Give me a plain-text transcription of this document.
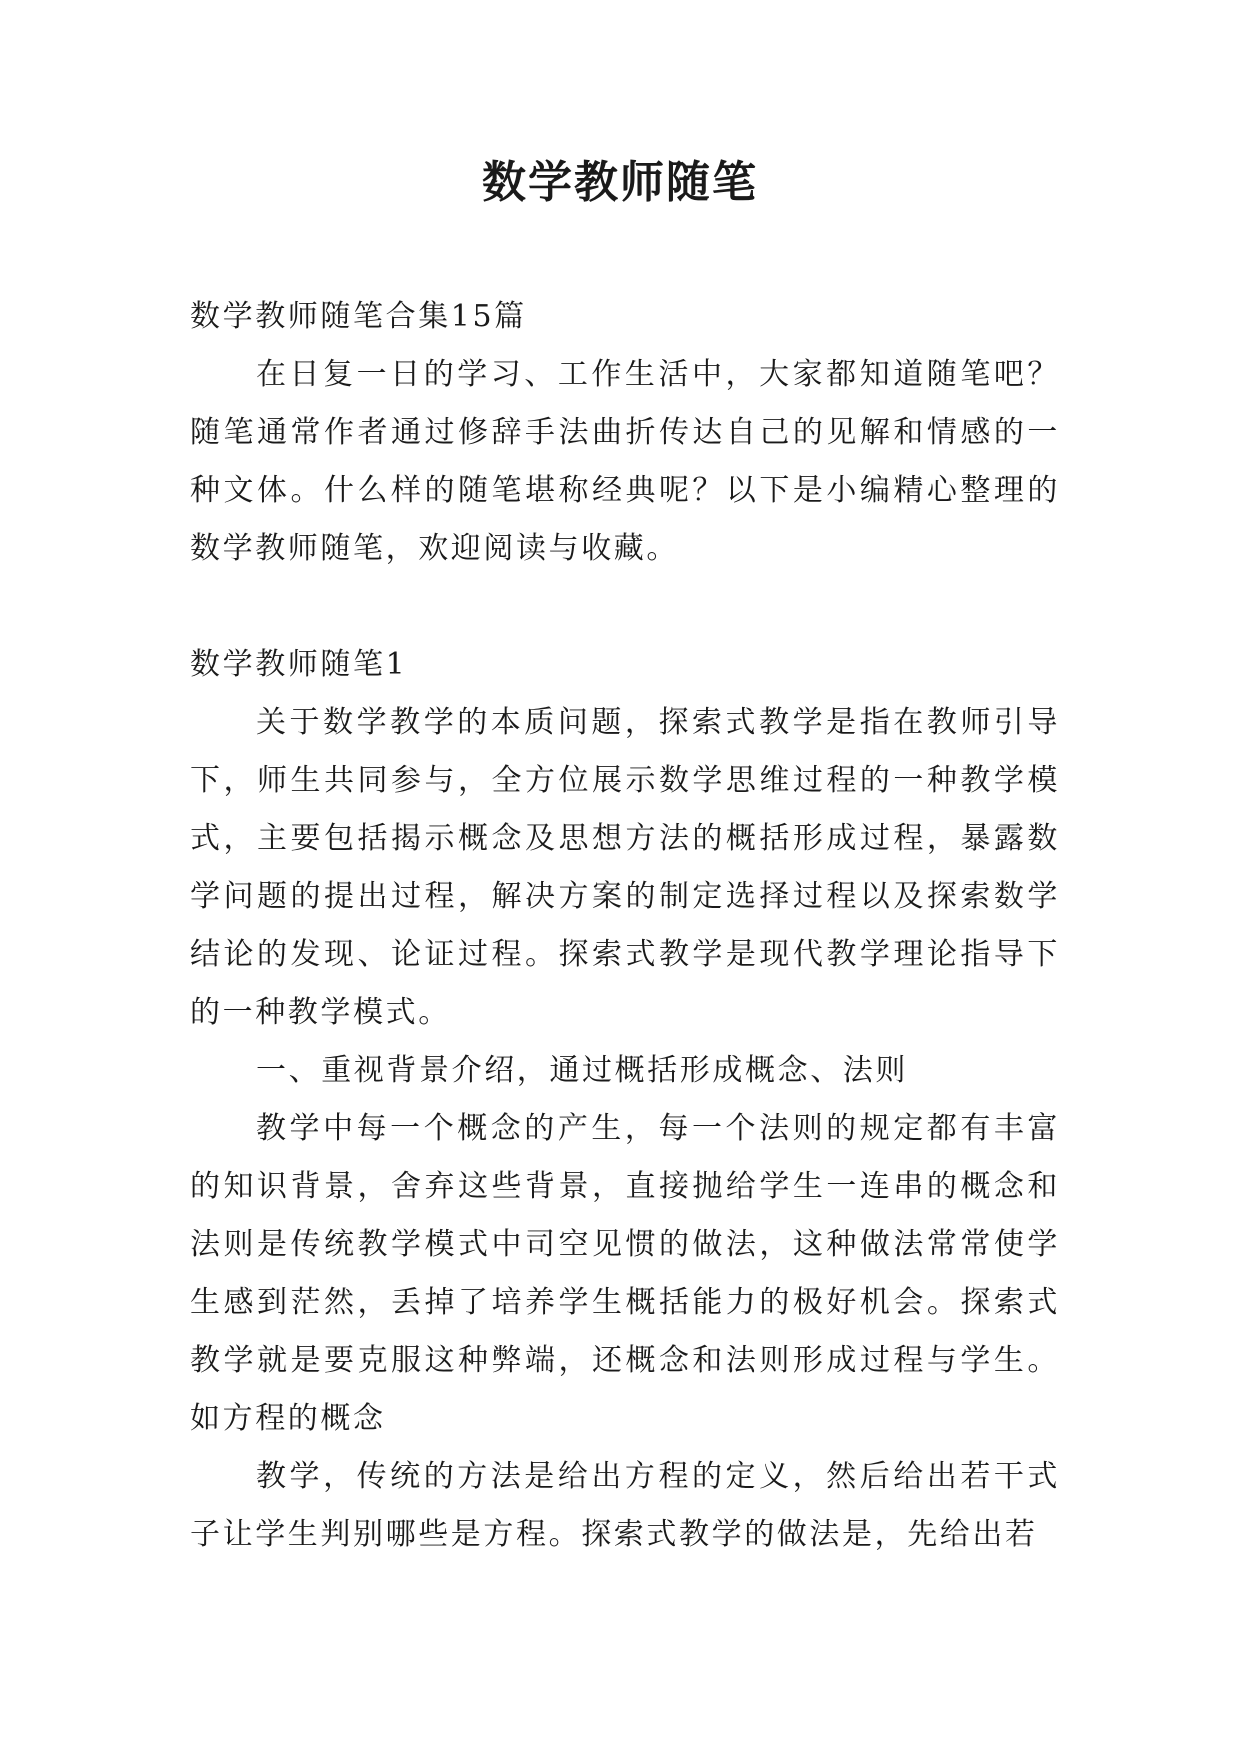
数学教师随笔

数学教师随笔合集15篇

在日复一日的学习、工作生活中，大家都知道随笔吧？随笔通常作者通过修辞手法曲折传达自己的见解和情感的一种文体。什么样的随笔堪称经典呢？以下是小编精心整理的数学教师随笔，欢迎阅读与收藏。

数学教师随笔1

关于数学教学的本质问题，探索式教学是指在教师引导下，师生共同参与，全方位展示数学思维过程的一种教学模式，主要包括揭示概念及思想方法的概括形成过程，暴露数学问题的提出过程，解决方案的制定选择过程以及探索数学结论的发现、论证过程。探索式教学是现代教学理论指导下的一种教学模式。

一、重视背景介绍，通过概括形成概念、法则

教学中每一个概念的产生，每一个法则的规定都有丰富的知识背景，舍弃这些背景，直接抛给学生一连串的概念和法则是传统教学模式中司空见惯的做法，这种做法常常使学生感到茫然，丢掉了培养学生概括能力的极好机会。探索式教学就是要克服这种弊端，还概念和法则形成过程与学生。如方程的概念

教学，传统的方法是给出方程的定义，然后给出若干式子让学生判别哪些是方程。探索式教学的做法是，先给出若
